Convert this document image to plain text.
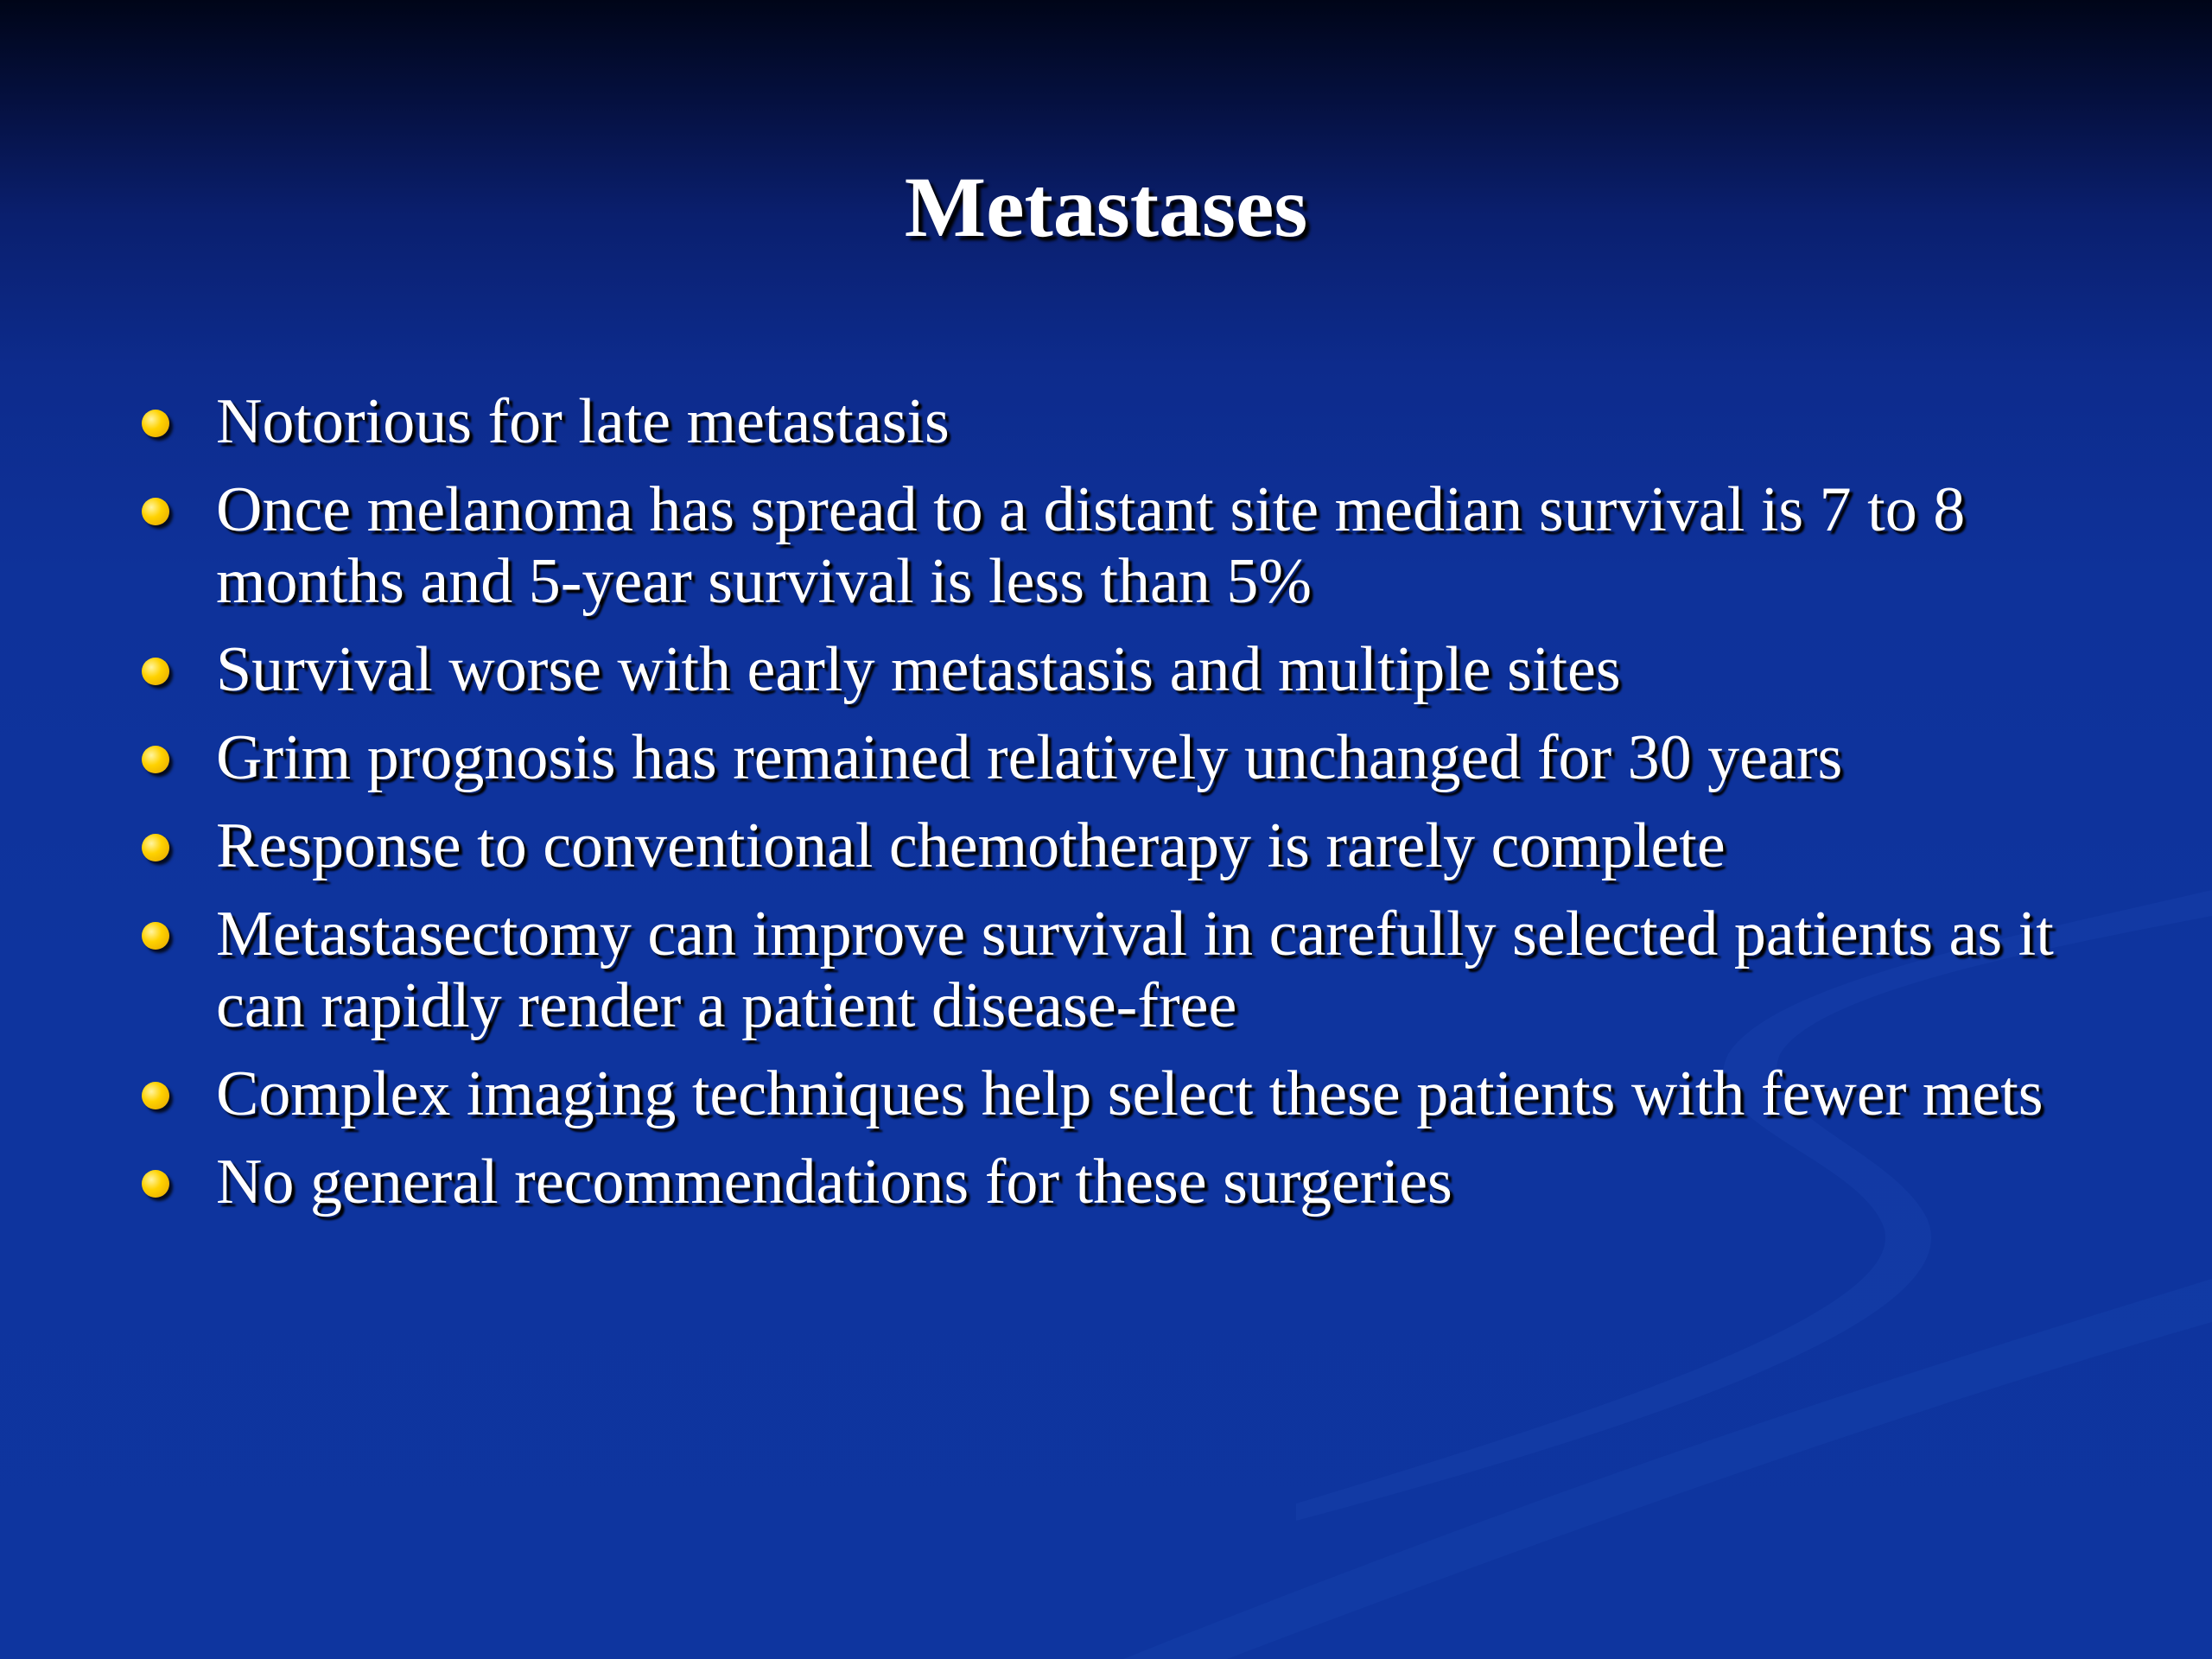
Metastases
Notorious for late metastasis
Once melanoma has spread to a distant site median survival is 7 to 8 months and 5-year survival is less than 5%
Survival worse with early metastasis and multiple sites
Grim prognosis has remained relatively unchanged for 30 years
Response to conventional chemotherapy is rarely complete
Metastasectomy can improve survival in carefully selected patients as it can rapidly render a patient disease-free
Complex imaging techniques help select these patients with fewer mets
No general recommendations for these surgeries
